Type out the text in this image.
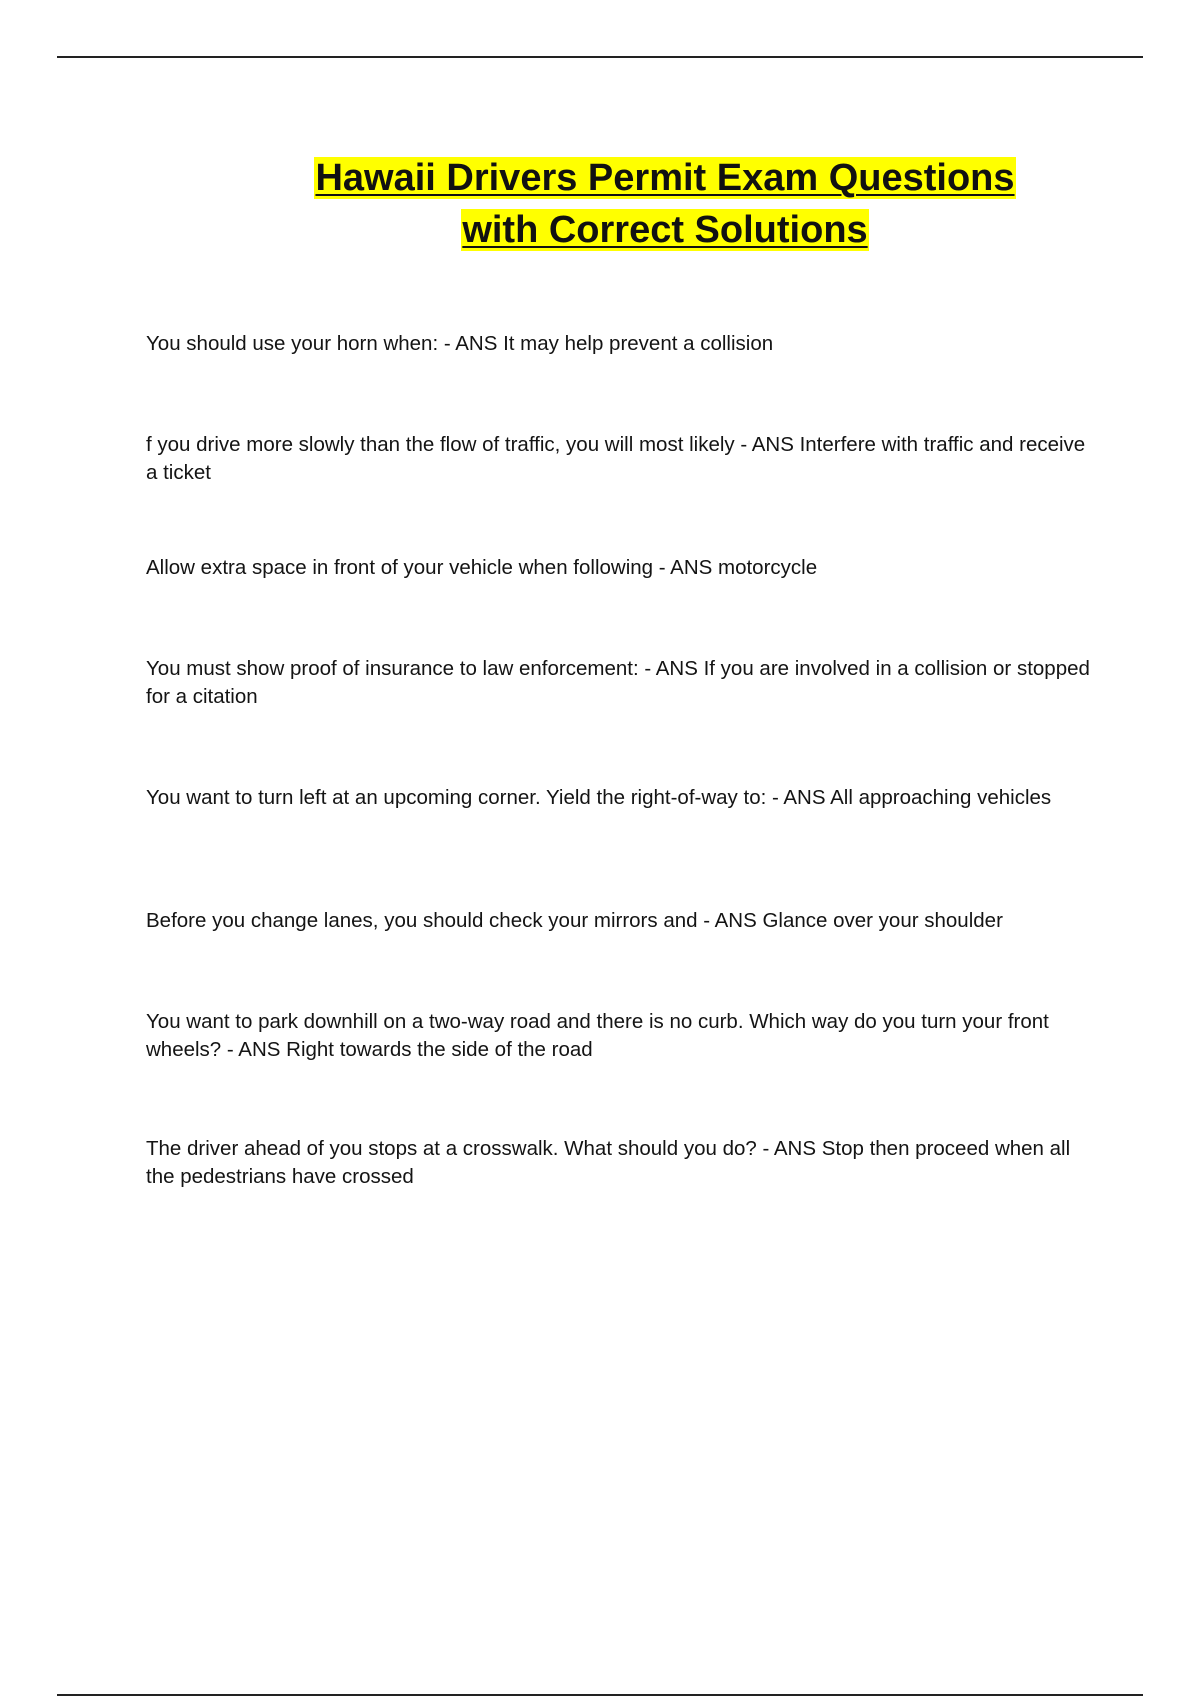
Hawaii Drivers Permit Exam Questions
with Correct Solutions

You should use your horn when: - ANS It may help prevent a collision

f you drive more slowly than the flow of traffic, you will most likely - ANS Interfere with traffic and receive a ticket

Allow extra space in front of your vehicle when following - ANS motorcycle

You must show proof of insurance to law enforcement: - ANS If you are involved in a collision or stopped for a citation

You want to turn left at an upcoming corner. Yield the right-of-way to: - ANS All approaching vehicles

Before you change lanes, you should check your mirrors and - ANS Glance over your shoulder

You want to park downhill on a two-way road and there is no curb. Which way do you turn your front wheels? - ANS Right towards the side of the road

The driver ahead of you stops at a crosswalk. What should you do? - ANS Stop then proceed when all the pedestrians have crossed
